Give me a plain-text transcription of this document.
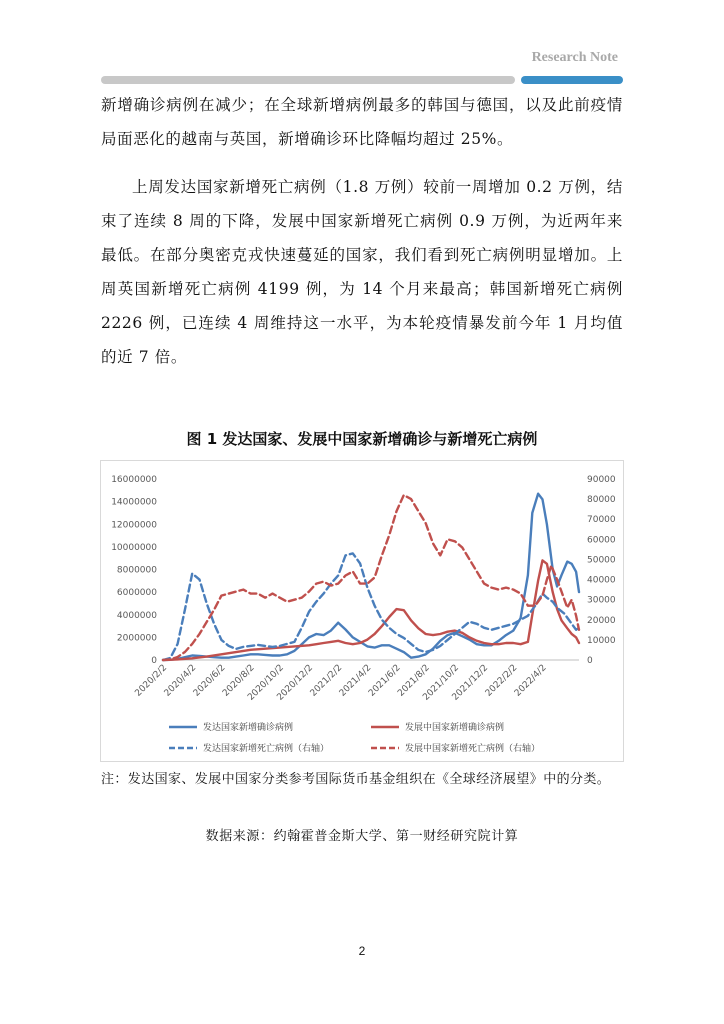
Research Note

新增确诊病例在减少；在全球新增病例最多的韩国与德国，以及此前疫情局面恶化的越南与英国，新增确诊环比降幅均超过 25%。

上周发达国家新增死亡病例（1.8 万例）较前一周增加 0.2 万例，结束了连续 8 周的下降，发展中国家新增死亡病例 0.9 万例，为近两年来最低。在部分奥密克戎快速蔓延的国家，我们看到死亡病例明显增加。上周英国新增死亡病例 4199 例，为 14 个月来最高；韩国新增死亡病例 2226 例，已连续 4 周维持这一水平，为本轮疫情暴发前今年 1 月均值的近 7 倍。

图 1 发达国家、发展中国家新增确诊与新增死亡病例
0
2000000
4000000
6000000
8000000
10000000
12000000
14000000
16000000
0
10000
20000
30000
40000
50000
60000
70000
80000
90000
2020/2/2
2020/4/2
2020/6/2
2020/8/2
2020/10/2
2020/12/2
2021/2/2
2021/4/2
2021/6/2
2021/8/2
2021/10/2
2021/12/2
2022/2/2
2022/4/2
发达国家新增确诊病例	发展中国家新增确诊病例
发达国家新增死亡病例（右轴）	发展中国家新增死亡病例（右轴）

注：发达国家、发展中国家分类参考国际货币基金组织在《全球经济展望》中的分类。

数据来源：约翰霍普金斯大学、第一财经研究院计算
2
